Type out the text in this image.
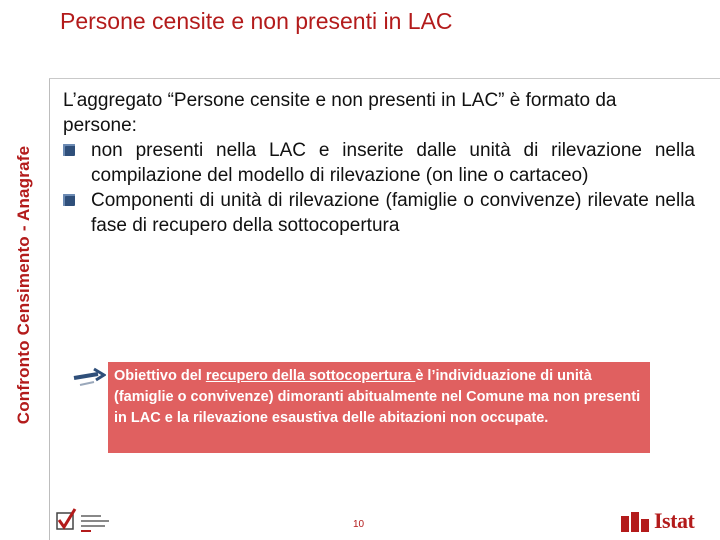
Persone censite e non presenti in LAC
Confronto Censimento - Anagrafe

L’aggregato “Persone censite e non presenti in LAC” è formato da persone:

non presenti nella LAC e inserite dalle unità di rilevazione nella compilazione del modello di rilevazione (on line o cartaceo)
Componenti di unità di rilevazione (famiglie o convivenze) rilevate nella fase di recupero della sottocopertura
Obiettivo del recupero della sottocopertura è l’individuazione di unità (famiglie o convivenze) dimoranti abitualmente nel Comune ma non presenti in LAC e la rilevazione esaustiva delle abitazioni non occupate.
10	Istat
